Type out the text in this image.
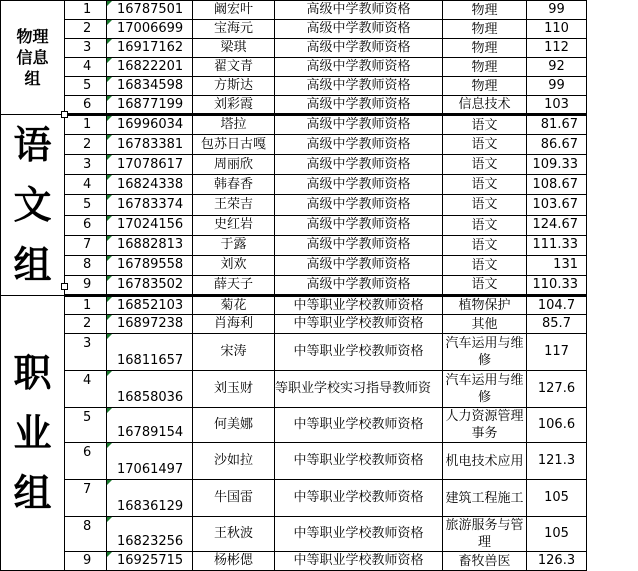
物理信息组	1	16787501	阚宏叶	高级中学教师资格	物理	99
	2	17006699	宝海元	高级中学教师资格	物理	110
	3	16917162	梁琪	高级中学教师资格	物理	112
	4	16822201	翟文青	高级中学教师资格	物理	92
	5	16834598	方斯达	高级中学教师资格	物理	99
	6	16877199	刘彩霞	高级中学教师资格	信息技术	103
语文组	1	16996034	塔拉	高级中学教师资格	语文	81.67
	2	16783381	包苏日古嘎	高级中学教师资格	语文	86.67
	3	17078617	周丽欣	高级中学教师资格	语文	109.33
	4	16824338	韩春香	高级中学教师资格	语文	108.67
	5	16783374	王荣吉	高级中学教师资格	语文	103.67
	6	17024156	史红岩	高级中学教师资格	语文	124.67
	7	16882813	于露	高级中学教师资格	语文	111.33
	8	16789558	刘欢	高级中学教师资格	语文	131
	9	16783502	薛天子	高级中学教师资格	语文	110.33
职业组	1	16852103	菊花	中等职业学校教师资格	植物保护	104.7
	2	16897238	肖海利	中等职业学校教师资格	其他	85.7
	3	16811657	宋涛	中等职业学校教师资格	汽车运用与维修	117
	4	16858036	刘玉财	等职业学校实习指导教师资	汽车运用与维修	127.6
	5	16789154	何美娜	中等职业学校教师资格	人力资源管理事务	106.6
	6	17061497	沙如拉	中等职业学校教师资格	机电技术应用	121.3
	7	16836129	牛国雷	中等职业学校教师资格	建筑工程施工	105
	8	16823256	王秋波	中等职业学校教师资格	旅游服务与管理	105
	9	16925715	杨彬偲	中等职业学校教师资格	畜牧兽医	126.3
